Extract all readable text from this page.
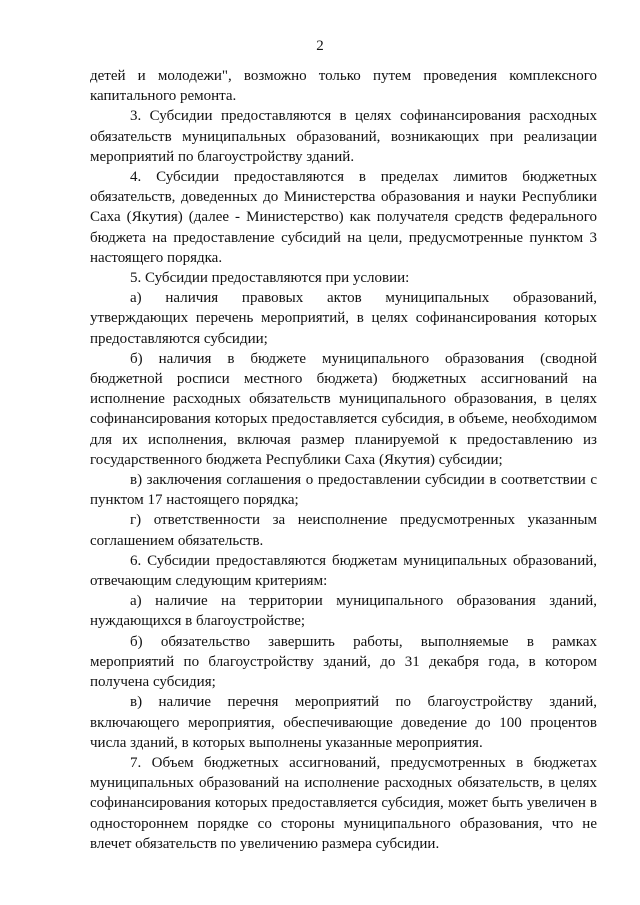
2

детей и молодежи", возможно только путем проведения комплексного капитального ремонта.

3. Субсидии предоставляются в целях софинансирования расходных обязательств муниципальных образований, возникающих при реализации мероприятий по благоустройству зданий.

4. Субсидии предоставляются в пределах лимитов бюджетных обязательств, доведенных до Министерства образования и науки Республики Саха (Якутия) (далее - Министерство) как получателя средств федерального бюджета на предоставление субсидий на цели, предусмотренные пунктом 3 настоящего порядка.

5. Субсидии предоставляются при условии:

а) наличия правовых актов муниципальных образований, утверждающих перечень мероприятий, в целях софинансирования которых предоставляются субсидии;

б) наличия в бюджете муниципального образования (сводной бюджетной росписи местного бюджета) бюджетных ассигнований на исполнение расходных обязательств муниципального образования, в целях софинансирования которых предоставляется субсидия, в объеме, необходимом для их исполнения, включая размер планируемой к предоставлению из государственного бюджета Республики Саха (Якутия) субсидии;

в) заключения соглашения о предоставлении субсидии в соответствии с пунктом 17 настоящего порядка;

г) ответственности за неисполнение предусмотренных указанным соглашением обязательств.

6. Субсидии предоставляются бюджетам муниципальных образований, отвечающим следующим критериям:

а) наличие на территории муниципального образования зданий, нуждающихся в благоустройстве;

б) обязательство завершить работы, выполняемые в рамках мероприятий по благоустройству зданий, до 31 декабря года, в котором получена субсидия;

в) наличие перечня мероприятий по благоустройству зданий, включающего мероприятия, обеспечивающие доведение до 100 процентов числа зданий, в которых выполнены указанные мероприятия.

7. Объем бюджетных ассигнований, предусмотренных в бюджетах муниципальных образований на исполнение расходных обязательств, в целях софинансирования которых предоставляется субсидия, может быть увеличен в одностороннем порядке со стороны муниципального образования, что не влечет обязательств по увеличению размера субсидии.
